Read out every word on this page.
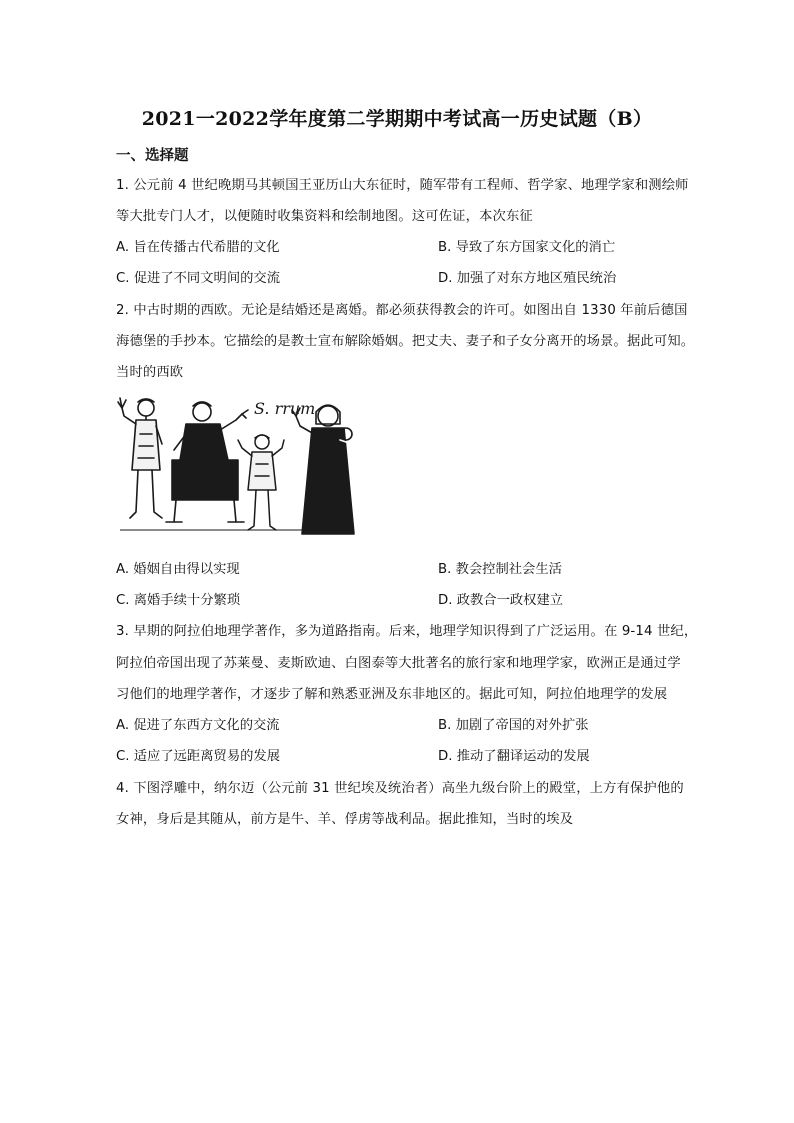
2021一2022学年度第二学期期中考试高一历史试题（B）
一、选择题
1. 公元前 4 世纪晚期马其顿国王亚历山大东征时，随军带有工程师、哲学家、地理学家和测绘师
等大批专门人才，以便随时收集资料和绘制地图。这可佐证，本次东征
A. 旨在传播古代希腊的文化	B. 导致了东方国家文化的消亡
C. 促进了不同文明间的交流	D. 加强了对东方地区殖民统治
2. 中古时期的西欧。无论是结婚还是离婚。都必须获得教会的许可。如图出自 1330 年前后德国
海德堡的手抄本。它描绘的是教士宣布解除婚姻。把丈夫、妻子和子女分离开的场景。据此可知。
当时的西欧
S. rrum
A. 婚姻自由得以实现	B. 教会控制社会生活
C. 离婚手续十分繁琐	D. 政教合一政权建立
3. 早期的阿拉伯地理学著作，多为道路指南。后来，地理学知识得到了广泛运用。在 9-14 世纪，
阿拉伯帝国出现了苏莱曼、麦斯欧迪、白图泰等大批著名的旅行家和地理学家，欧洲正是通过学
习他们的地理学著作，才逐步了解和熟悉亚洲及东非地区的。据此可知，阿拉伯地理学的发展
A. 促进了东西方文化的交流	B. 加剧了帝国的对外扩张
C. 适应了远距离贸易的发展	D. 推动了翻译运动的发展
4. 下图浮雕中，纳尔迈（公元前 31 世纪埃及统治者）高坐九级台阶上的殿堂，上方有保护他的
女神，身后是其随从，前方是牛、羊、俘虏等战利品。据此推知，当时的埃及
